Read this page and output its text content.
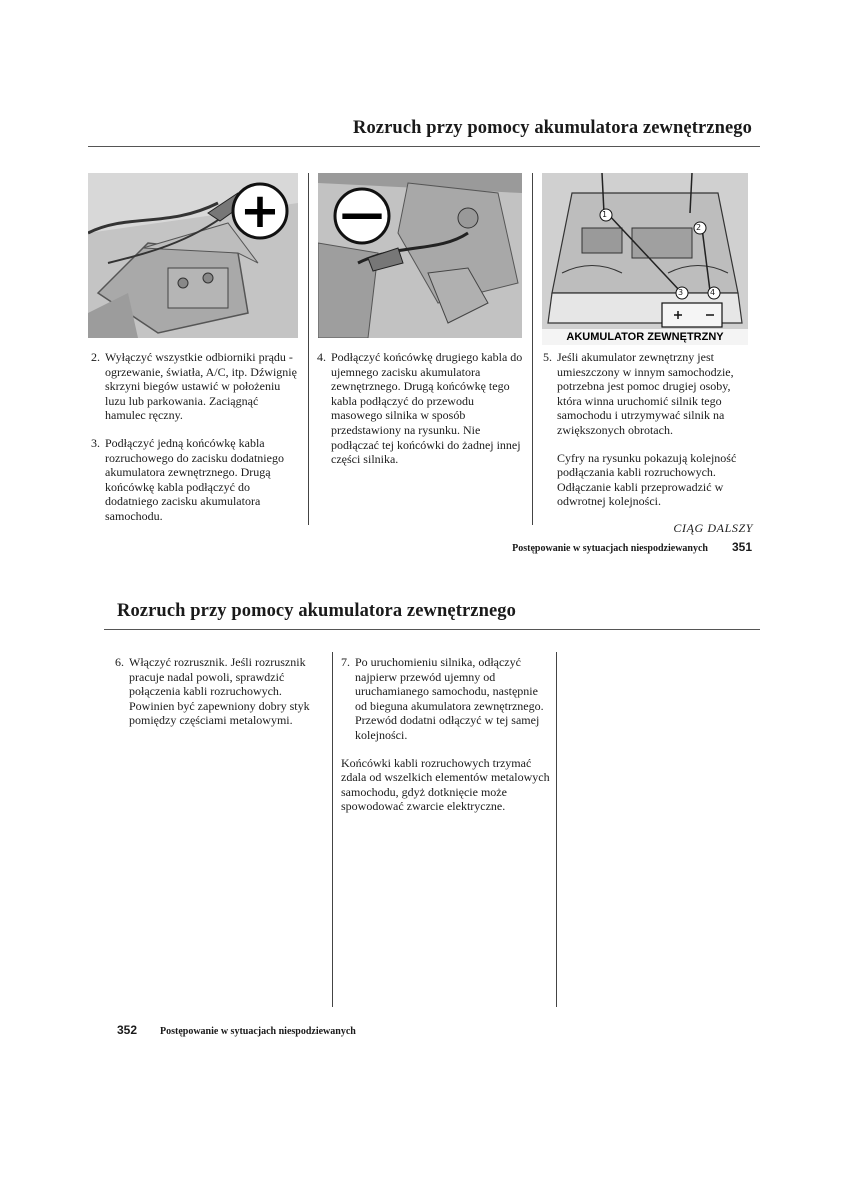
Rozruch przy pomocy akumulatora zewnętrznego
+ —	1
2
3	4
AKUMULATOR ZEWNĘTRZNY
2. Wyłączyć wszystkie odbiorniki prądu - ogrzewanie, światła, A/C, itp. Dźwignię skrzyni biegów ustawić w położeniu luzu lub parkowania. Zaciągnąć hamulec ręczny.
3. Podłączyć jedną końcówkę kabla rozruchowego do zacisku dodatniego akumulatora zewnętrznego. Drugą końcówkę kabla podłączyć do dodatniego zacisku akumulatora samochodu.
4. Podłączyć końcówkę drugiego kabla do ujemnego zacisku akumulatora zewnętrznego. Drugą końcówkę tego kabla podłączyć do przewodu masowego silnika w sposób przedstawiony na rysunku. Nie podłączać tej końcówki do żadnej innej części silnika.
5. Jeśli akumulator zewnętrzny jest umieszczony w innym samochodzie, potrzebna jest pomoc drugiej osoby, która winna uruchomić silnik tego samochodu i utrzymywać silnik na zwiększonych obrotach.
Cyfry na rysunku pokazują kolejność podłączania kabli rozruchowych. Odłączanie kabli przeprowadzić w odwrotnej kolejności.
CIĄG DALSZY
Postępowanie w sytuacjach niespodziewanych 351
Rozruch przy pomocy akumulatora zewnętrznego
6. Włączyć rozrusznik. Jeśli rozrusznik pracuje nadal powoli, sprawdzić połączenia kabli rozruchowych. Powinien być zapewniony dobry styk pomiędzy częściami metalowymi.
7. Po uruchomieniu silnika, odłączyć najpierw przewód ujemny od uruchamianego samochodu, następnie od bieguna akumulatora zewnętrznego. Przewód dodatni odłączyć w tej samej kolejności.
Końcówki kabli rozruchowych trzymać zdala od wszelkich elementów metalowych samochodu, gdyż dotknięcie może spowodować zwarcie elektryczne.
352 Postępowanie w sytuacjach niespodziewanych
